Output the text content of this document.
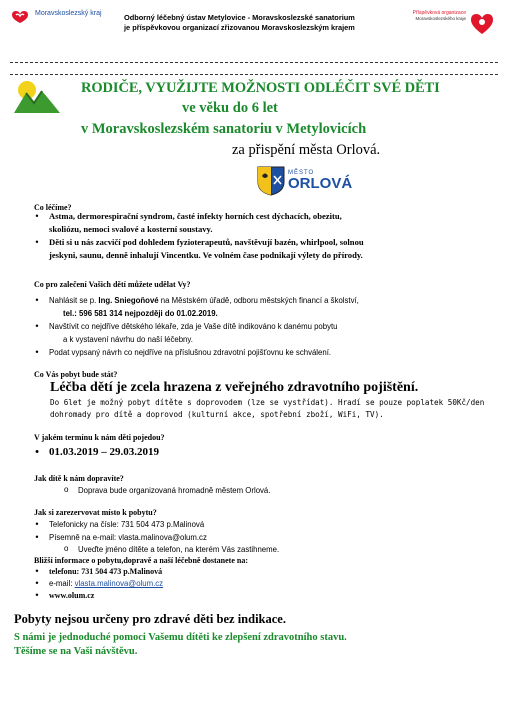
Moravskoslezský kraj	Odborný léčebný ústav Metylovice - Moravskoslezské sanatorium
je příspěvkovou organizací zřizovanou Moravskoslezským krajem
Příspěvková organizace
Moravskoslezského kraje
RODIČE, VYUŽIJTE MOŽNOSTI ODLÉČIT SVÉ DĚTI
ve věku do 6 let
v Moravskoslezském sanatoriu v Metylovicích
za přispění města Orlová.
MĚSTO
ORLOVÁ
Co léčíme?
• Astma, dermorespirační syndrom, časté infekty horních cest dýchacích, obezitu,
skoliózu, nemoci svalové a kosterní soustavy.
• Děti si u nás zacvičí pod dohledem fyzioterapeutů, navštěvují bazén, whirlpool, solnou
jeskyni, saunu, denně inhalují Vincentku. Ve volném čase podnikají výlety do přírody.
Co pro zalečení Vašich dětí můžete udělat Vy?
• Nahlásit se p. Ing. Sniegoňové na Městském úřadě, odboru městských financí a školství,
tel.: 596 581 314 nejpozději do 01.02.2019.
• Navštívit co nejdříve dětského lékaře, zda je Vaše dítě indikováno k danému pobytu
a k vystavení návrhu do naší léčebny.
• Podat vypsaný návrh co nejdříve na příslušnou zdravotní pojišťovnu ke schválení.
Co Vás pobyt bude stát?
Léčba dětí je zcela hrazena z veřejného zdravotního pojištění.
Do 6let je možný pobyt dítěte s doprovodem (lze se vystřídat). Hradí se pouze poplatek 50Kč/den
dohromady pro dítě a doprovod (kulturní akce, spotřební zboží, WiFi, TV).
V jakém termínu k nám děti pojedou?
• 01.03.2019 – 29.03.2019
Jak dítě k nám dopravíte?
o Doprava bude organizovaná hromadně městem Orlová.
Jak si zarezervovat místo k pobytu?
• Telefonicky na čísle: 731 504 473 p.Malinová
• Písemně na e-mail: vlasta.malinova@olum.cz
o Uveďte jméno dítěte a telefon, na kterém Vás zastihneme.
Bližší informace o pobytu,dopravě a naší léčebně dostanete na:
• telefonu: 731 504 473 p.Malinová
• e-mail: vlasta.malinova@olum.cz
• www.olum.cz
Pobyty nejsou určeny pro zdravé děti bez indikace.
S námi je jednoduché pomoci Vašemu dítěti ke zlepšení zdravotního stavu.
Těšíme se na Vaši návštěvu.
